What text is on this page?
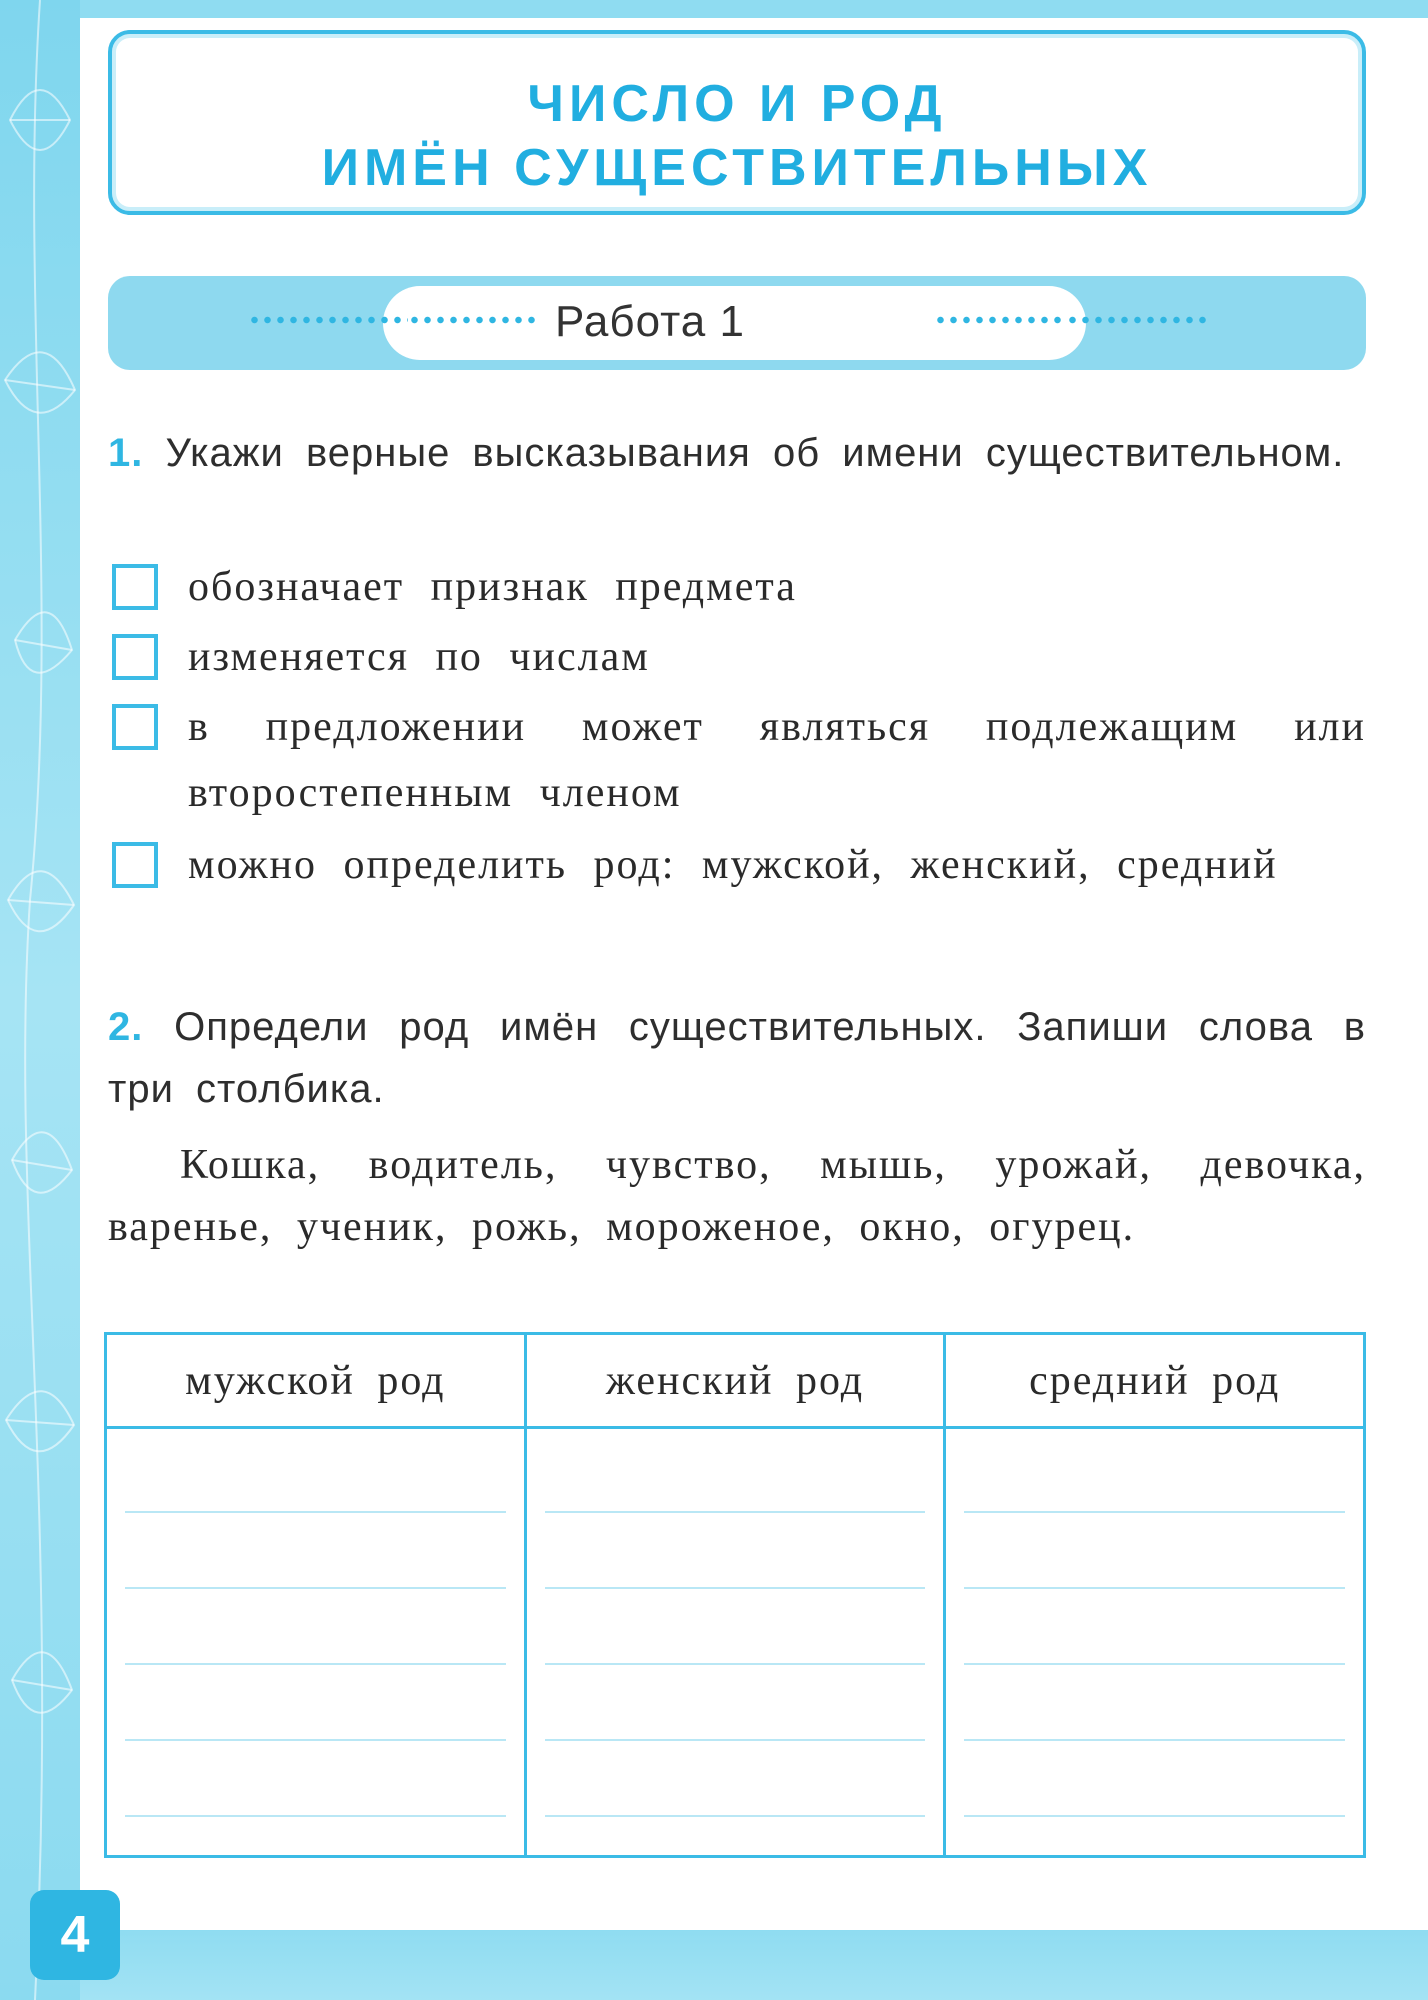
4
ЧИСЛО И РОД
ИМЁН СУЩЕСТВИТЕЛЬНЫХ
Работа 1
1. Укажи верные высказывания об имени существительном.
обозначает признак предмета
изменяется по числам
в предложении может являться подлежащим или второстепенным членом
можно определить род: мужской, женский, средний
2. Определи род имён существительных. Запиши слова в три столбика.
Кошка, водитель, чувство, мышь, урожай, девочка, варенье, ученик, рожь, мороженое, окно, огурец.
мужской род	женский род	средний род
